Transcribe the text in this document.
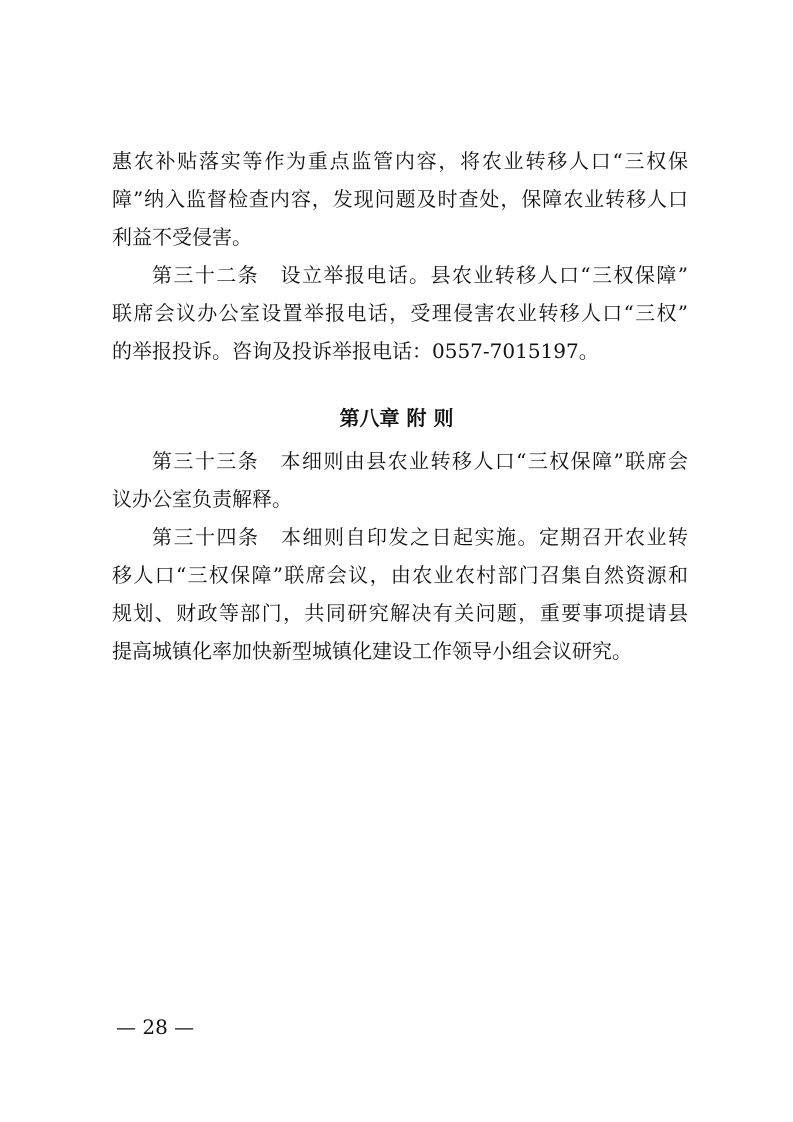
惠农补贴落实等作为重点监管内容，将农业转移人口“三权保
障”纳入监督检查内容，发现问题及时查处，保障农业转移人口
利益不受侵害。
第三十二条　设立举报电话。县农业转移人口“三权保障”
联席会议办公室设置举报电话，受理侵害农业转移人口“三权”
的举报投诉。咨询及投诉举报电话：0557-7015197。
第八章 附 则
第三十三条　本细则由县农业转移人口“三权保障”联席会
议办公室负责解释。
第三十四条　本细则自印发之日起实施。定期召开农业转
移人口“三权保障”联席会议，由农业农村部门召集自然资源和
规划、财政等部门，共同研究解决有关问题，重要事项提请县
提高城镇化率加快新型城镇化建设工作领导小组会议研究。
— 28 —
